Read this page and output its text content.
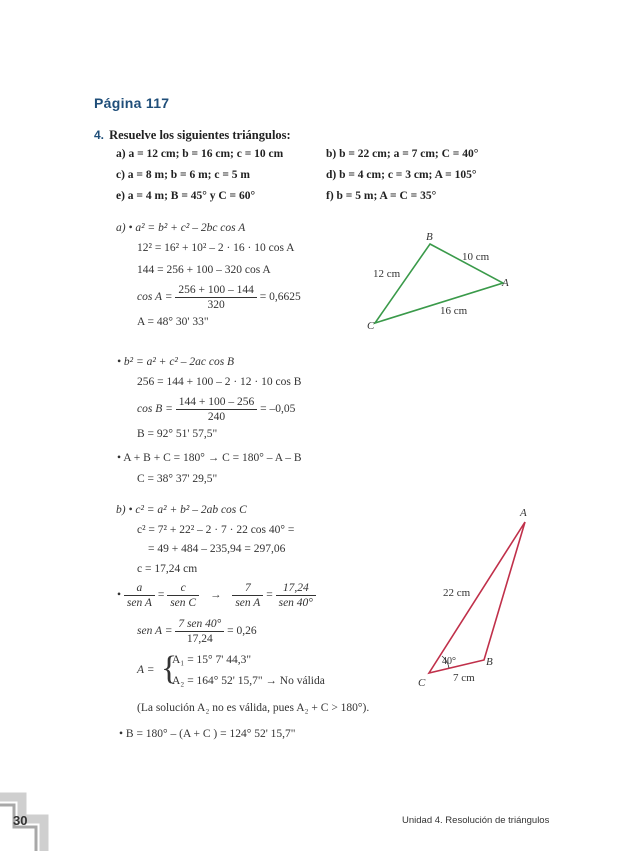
Página 117
4. Resuelve los siguientes triángulos:
a) a = 12 cm; b = 16 cm; c = 10 cm	b) b = 22 cm; a = 7 cm; C = 40°
c) a = 8 m; b = 6 m; c = 5 m	d) b = 4 cm; c = 3 cm; A = 105°
e) a = 4 m; B = 45° y C = 60°	f) b = 5 m; A = C = 35°
a) • a² = b² + c² – 2bc cos A
12² = 16² + 10² – 2 · 16 · 10 cos A
144 = 256 + 100 – 320 cos A
$\cos A = \frac{256 + 100 - 144}{320} = 0,6625$
A = 48° 30' 33"
• b² = a² + c² – 2ac cos B
256 = 144 + 100 – 2 · 12 · 10 cos B
$\cos B = \frac{144 + 100 - 256}{240} = -0,05$
B = 92° 51' 57,5"
• A + B + C = 180° → C = 180° – A – B
C = 38° 37' 29,5"
b) • c² = a² + b² – 2ab cos C
c² = 7² + 22² – 2 · 7 · 22 cos 40° =
= 49 + 484 – 235,94 = 297,06
c = 17,24 cm
• $\frac{a}{\text{sen A}} = \frac{c}{\text{sen C}} \to \frac{7}{\text{sen A}} = \frac{17,24}{\text{sen 40°}}$
sen $A = \frac{\text{7 sen 40°}}{17,24} = 0,26$
A = {
A₁ = 15° 7' 44,3"
A₂ = 164° 52' 15,7" → No válida
(La solución A₂ no es válida, pues A₂ + C > 180°).
• B = 180° – (A + C ) = 124° 52' 15,7"
B
A
C
10 cm
12 cm
16 cm
A
B
C
22 cm
7 cm
40°
30	Unidad 4. Resolución de triángulos
